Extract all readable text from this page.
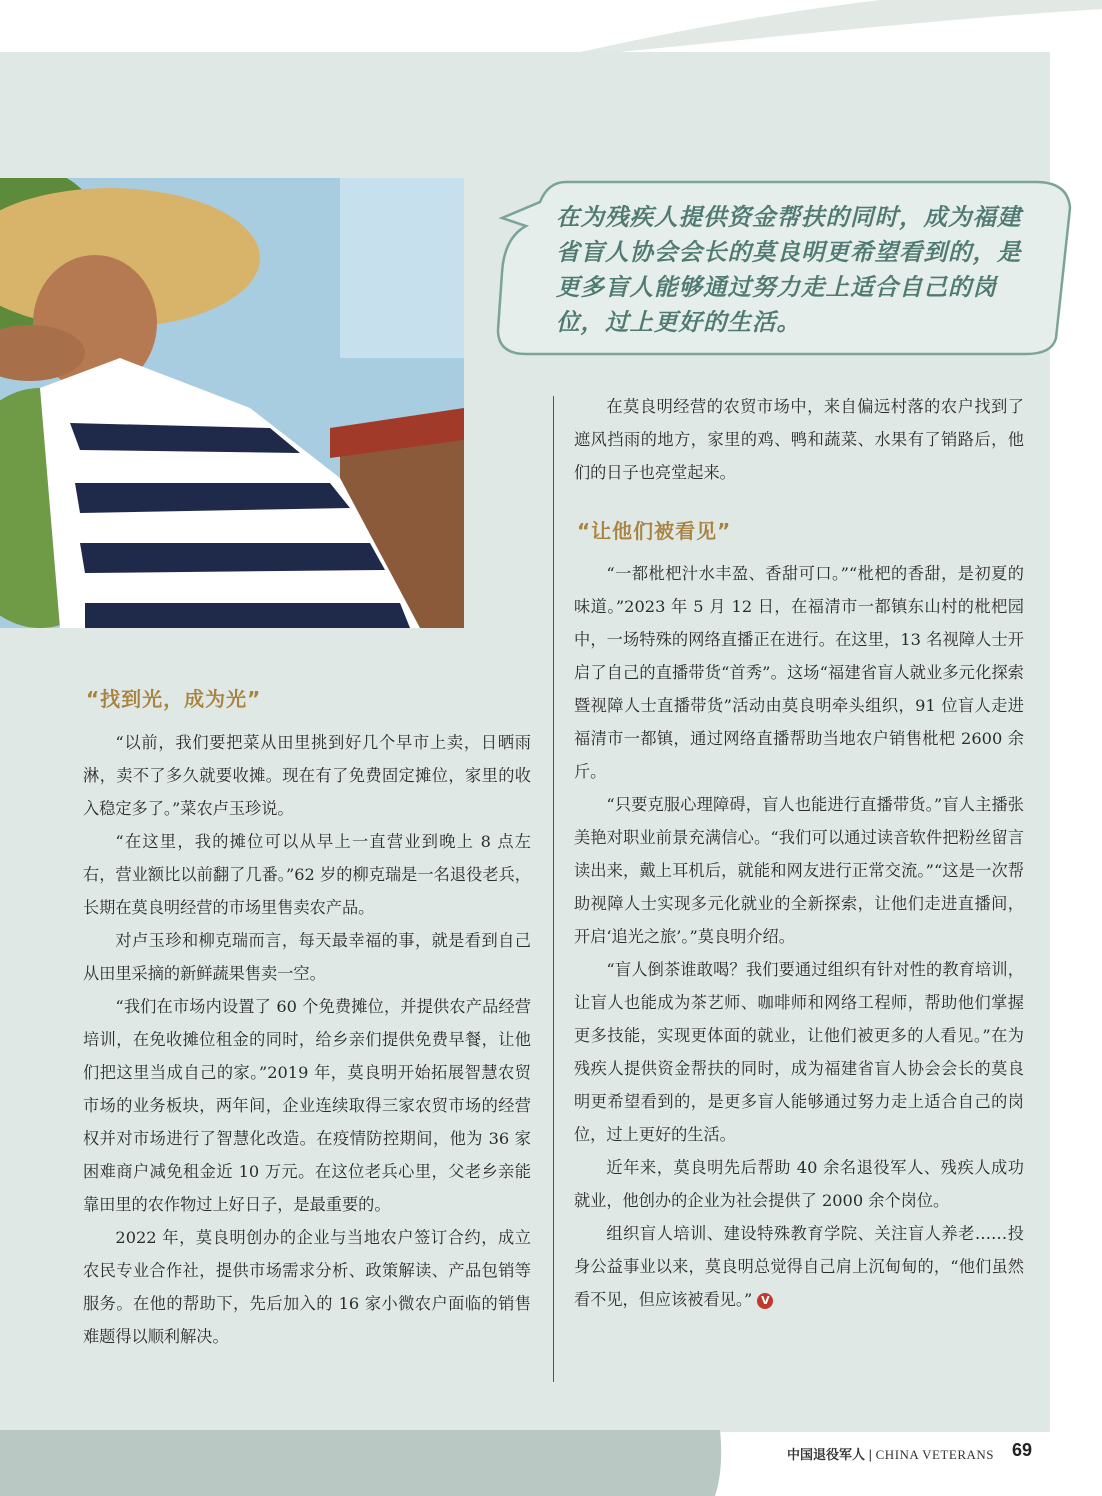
在为残疾人提供资金帮扶的同时，成为福建省盲人协会会长的莫良明更希望看到的，是更多盲人能够通过努力走上适合自己的岗位，过上更好的生活。
“找到光，成为光”

“以前，我们要把菜从田里挑到好几个早市上卖，日晒雨淋，卖不了多久就要收摊。现在有了免费固定摊位，家里的收入稳定多了。”菜农卢玉珍说。

“在这里，我的摊位可以从早上一直营业到晚上 8 点左右，营业额比以前翻了几番。”62 岁的柳克瑞是一名退役老兵，长期在莫良明经营的市场里售卖农产品。

对卢玉珍和柳克瑞而言，每天最幸福的事，就是看到自己从田里采摘的新鲜蔬果售卖一空。

“我们在市场内设置了 60 个免费摊位，并提供农产品经营培训，在免收摊位租金的同时，给乡亲们提供免费早餐，让他们把这里当成自己的家。”2019 年，莫良明开始拓展智慧农贸市场的业务板块，两年间，企业连续取得三家农贸市场的经营权并对市场进行了智慧化改造。在疫情防控期间，他为 36 家困难商户减免租金近 10 万元。在这位老兵心里，父老乡亲能靠田里的农作物过上好日子，是最重要的。

2022 年，莫良明创办的企业与当地农户签订合约，成立农民专业合作社，提供市场需求分析、政策解读、产品包销等服务。在他的帮助下，先后加入的 16 家小微农户面临的销售难题得以顺利解决。

在莫良明经营的农贸市场中，来自偏远村落的农户找到了遮风挡雨的地方，家里的鸡、鸭和蔬菜、水果有了销路后，他们的日子也亮堂起来。

“让他们被看见”

“一都枇杷汁水丰盈、香甜可口。”“枇杷的香甜，是初夏的味道。”2023 年 5 月 12 日，在福清市一都镇东山村的枇杷园中，一场特殊的网络直播正在进行。在这里，13 名视障人士开启了自己的直播带货“首秀”。这场“福建省盲人就业多元化探索暨视障人士直播带货”活动由莫良明牵头组织，91 位盲人走进福清市一都镇，通过网络直播帮助当地农户销售枇杷 2600 余斤。

“只要克服心理障碍，盲人也能进行直播带货。”盲人主播张美艳对职业前景充满信心。“我们可以通过读音软件把粉丝留言读出来，戴上耳机后，就能和网友进行正常交流。”“这是一次帮助视障人士实现多元化就业的全新探索，让他们走进直播间，开启‘追光之旅’。”莫良明介绍。

“盲人倒茶谁敢喝？我们要通过组织有针对性的教育培训，让盲人也能成为茶艺师、咖啡师和网络工程师，帮助他们掌握更多技能，实现更体面的就业，让他们被更多的人看见。”在为残疾人提供资金帮扶的同时，成为福建省盲人协会会长的莫良明更希望看到的，是更多盲人能够通过努力走上适合自己的岗位，过上更好的生活。

近年来，莫良明先后帮助 40 余名退役军人、残疾人成功就业，他创办的企业为社会提供了 2000 余个岗位。

组织盲人培训、建设特殊教育学院、关注盲人养老……投身公益事业以来，莫良明总觉得自己肩上沉甸甸的，“他们虽然看不见，但应该被看见。” V

中国退役军人 | CHINA VETERANS 69
